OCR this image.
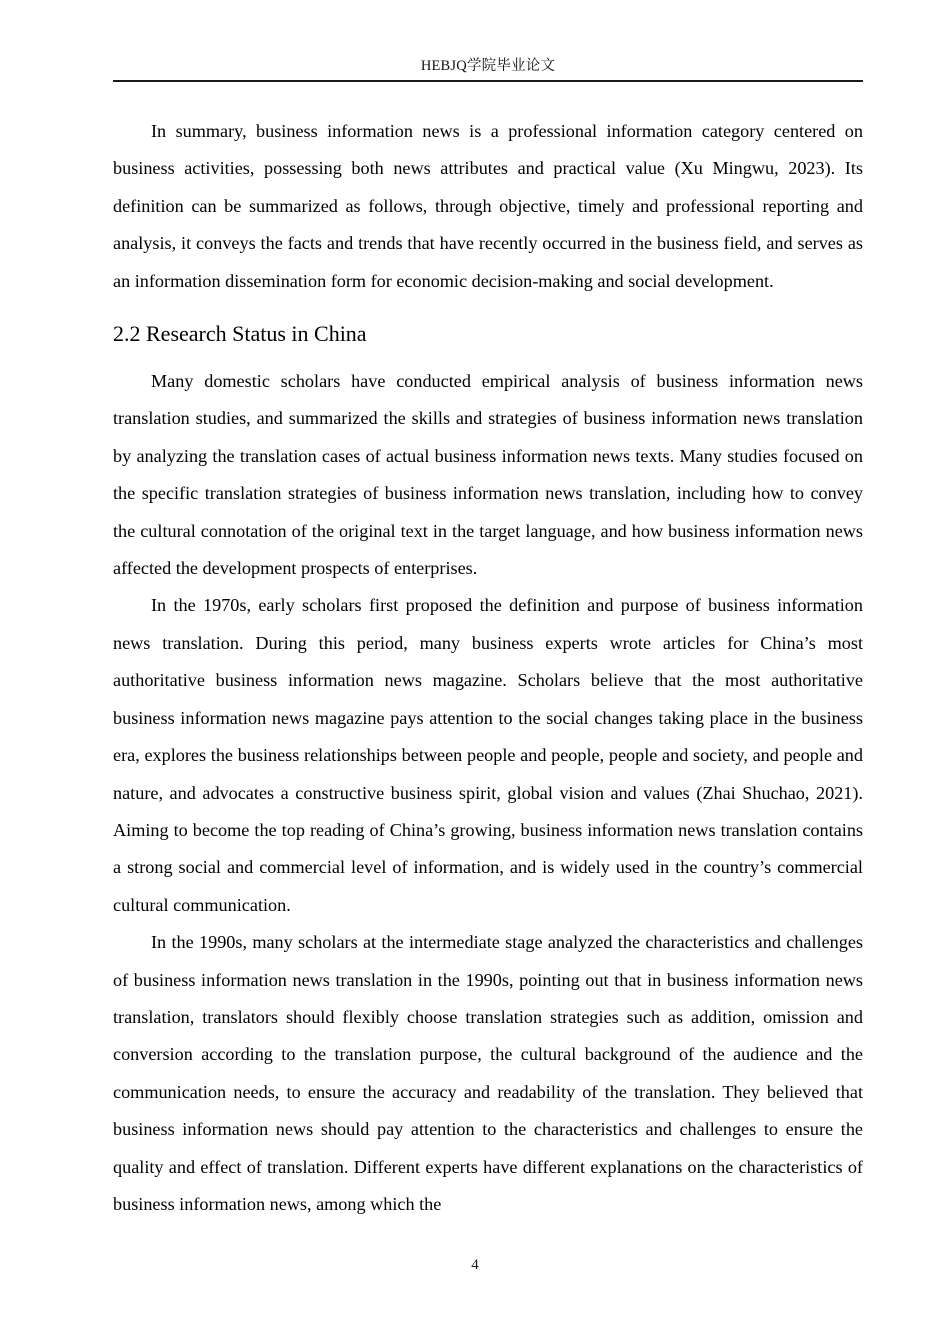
HEBJQ学院毕业论文

In summary, business information news is a professional information category centered on business activities, possessing both news attributes and practical value (Xu Mingwu, 2023). Its definition can be summarized as follows, through objective, timely and professional reporting and analysis, it conveys the facts and trends that have recently occurred in the business field, and serves as an information dissemination form for economic decision-making and social development.

2.2 Research Status in China

Many domestic scholars have conducted empirical analysis of business information news translation studies, and summarized the skills and strategies of business information news translation by analyzing the translation cases of actual business information news texts. Many studies focused on the specific translation strategies of business information news translation, including how to convey the cultural connotation of the original text in the target language, and how business information news affected the development prospects of enterprises.

In the 1970s, early scholars first proposed the definition and purpose of business information news translation. During this period, many business experts wrote articles for China’s most authoritative business information news magazine. Scholars believe that the most authoritative business information news magazine pays attention to the social changes taking place in the business era, explores the business relationships between people and people, people and society, and people and nature, and advocates a constructive business spirit, global vision and values (Zhai Shuchao, 2021). Aiming to become the top reading of China’s growing, business information news translation contains a strong social and commercial level of information, and is widely used in the country’s commercial cultural communication.

In the 1990s, many scholars at the intermediate stage analyzed the characteristics and challenges of business information news translation in the 1990s, pointing out that in business information news translation, translators should flexibly choose translation strategies such as addition, omission and conversion according to the translation purpose, the cultural background of the audience and the communication needs, to ensure the accuracy and readability of the translation. They believed that business information news should pay attention to the characteristics and challenges to ensure the quality and effect of translation. Different experts have different explanations on the characteristics of business information news, among which the

4
